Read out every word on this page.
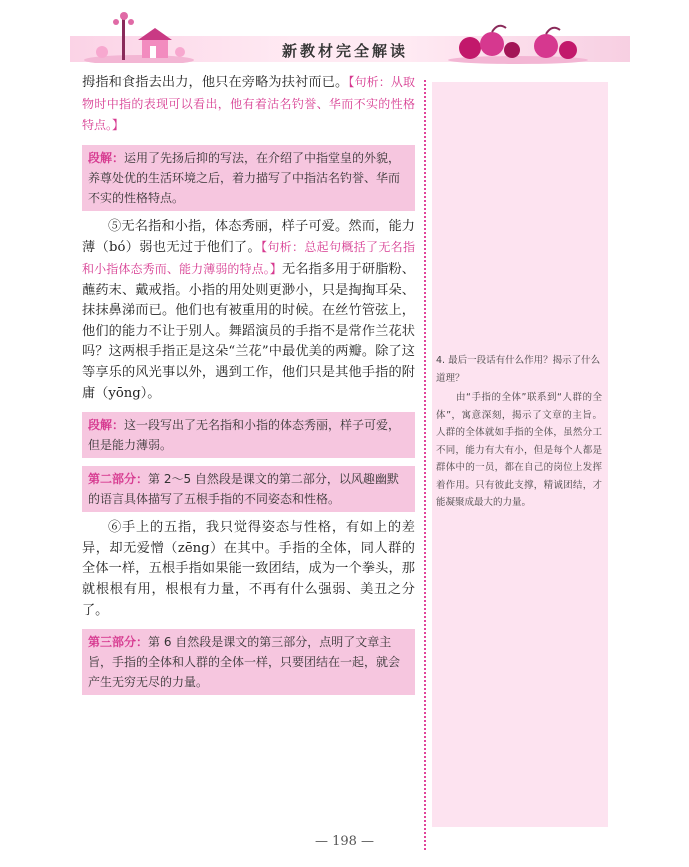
新教材完全解读

拇指和食指去出力，他只在旁略为扶衬而已。【句析：从取物时中指的表现可以看出，他有着沽名钓誉、华而不实的性格特点。】

段解：运用了先扬后抑的写法，在介绍了中指堂皇的外貌，养尊处优的生活环境之后，着力描写了中指沽名钓誉、华而不实的性格特点。

⑤无名指和小指，体态秀丽，样子可爱。然而，能力薄（bó）弱也无过于他们了。【句析：总起句概括了无名指和小指体态秀而、能力薄弱的特点。】无名指多用于研脂粉、蘸药末、戴戒指。小指的用处则更渺小，只是掏掏耳朵、抹抹鼻涕而已。他们也有被重用的时候。在丝竹管弦上，他们的能力不让于别人。舞蹈演员的手指不是常作兰花状吗？这两根手指正是这朵“兰花”中最优美的两瓣。除了这等享乐的风光事以外，遇到工作，他们只是其他手指的附庸（yōng）。

段解：这一段写出了无名指和小指的体态秀丽，样子可爱，但是能力薄弱。
第二部分：第 2～5 自然段是课文的第二部分，以风趣幽默的语言具体描写了五根手指的不同姿态和性格。

⑥手上的五指，我只觉得姿态与性格，有如上的差异，却无爱憎（zēng）在其中。手指的全体，同人群的全体一样，五根手指如果能一致团结，成为一个拳头，那就根根有用，根根有力量，不再有什么强弱、美丑之分了。

第三部分：第 6 自然段是课文的第三部分，点明了文章主旨，手指的全体和人群的全体一样，只要团结在一起，就会产生无穷无尽的力量。

4. 最后一段话有什么作用？揭示了什么道理？

由“手指的全体”联系到“人群的全体”，寓意深刻，揭示了文章的主旨。人群的全体就如手指的全体，虽然分工不同，能力有大有小，但是每个人都是群体中的一员，都在自己的岗位上发挥着作用。只有彼此支撑，精诚团结，才能凝聚成最大的力量。

— 198 —
